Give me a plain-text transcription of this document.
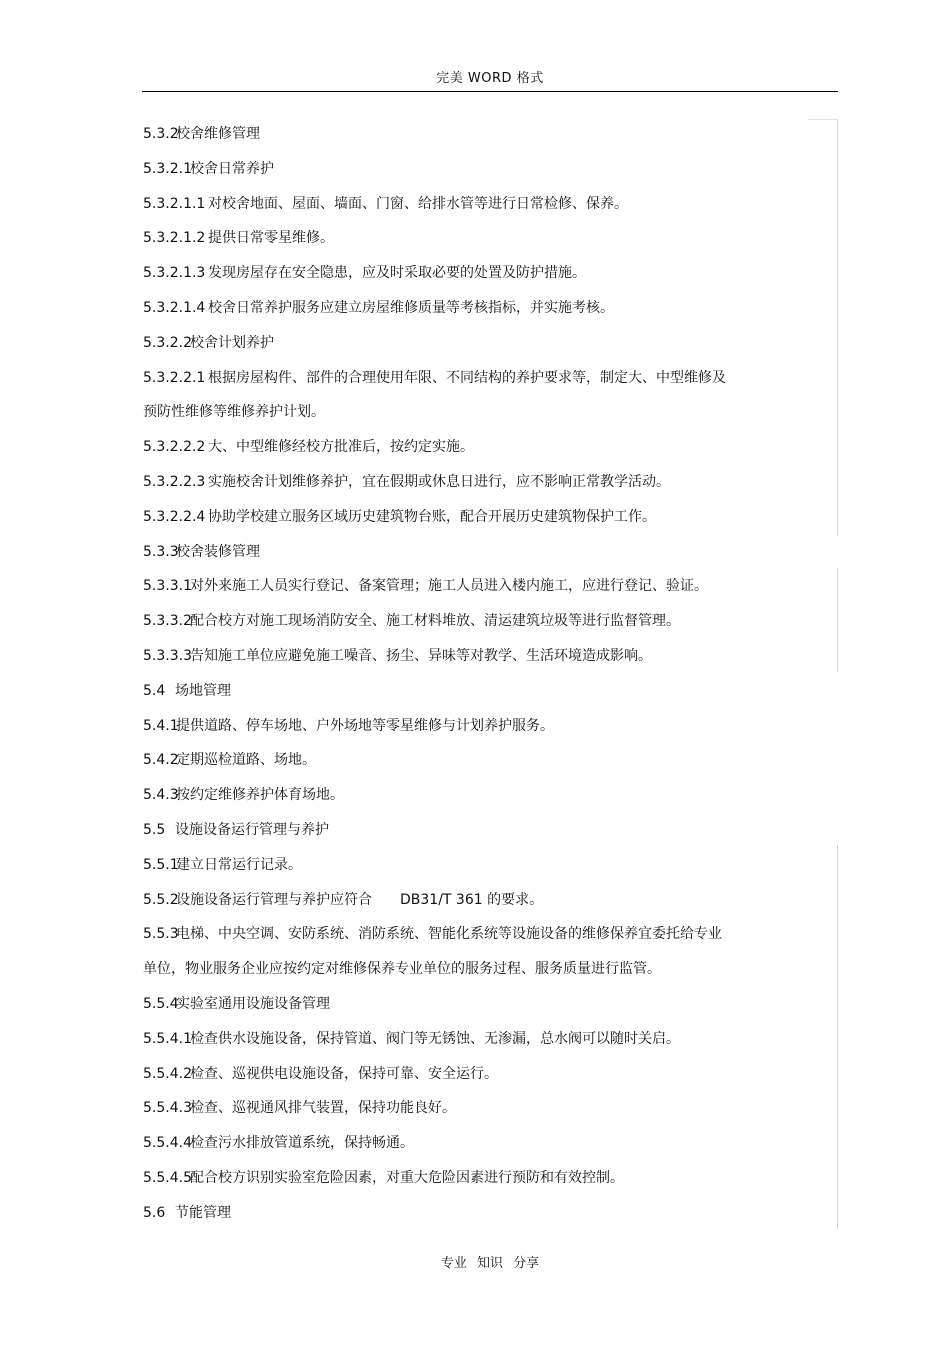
完美 WORD 格式
5.3.2校舍维修管理
5.3.2.1校舍日常养护
5.3.2.1.1 对校舍地面、屋面、墙面、门窗、给排水管等进行日常检修、保养。
5.3.2.1.2 提供日常零星维修。
5.3.2.1.3 发现房屋存在安全隐患，应及时采取必要的处置及防护措施。
5.3.2.1.4 校舍日常养护服务应建立房屋维修质量等考核指标，并实施考核。
5.3.2.2校舍计划养护
5.3.2.2.1 根据房屋构件、部件的合理使用年限、不同结构的养护要求等，制定大、中型维修及
预防性维修等维修养护计划。
5.3.2.2.2 大、中型维修经校方批准后，按约定实施。
5.3.2.2.3 实施校舍计划维修养护，宜在假期或休息日进行，应不影响正常教学活动。
5.3.2.2.4 协助学校建立服务区域历史建筑物台账，配合开展历史建筑物保护工作。
5.3.3校舍装修管理
5.3.3.1对外来施工人员实行登记、备案管理；施工人员进入楼内施工，应进行登记、验证。
5.3.3.2配合校方对施工现场消防安全、施工材料堆放、清运建筑垃圾等进行监督管理。
5.3.3.3告知施工单位应避免施工噪音、扬尘、异味等对教学、生活环境造成影响。
5.4 场地管理
5.4.1提供道路、停车场地、户外场地等零星维修与计划养护服务。
5.4.2定期巡检道路、场地。
5.4.3按约定维修养护体育场地。
5.5 设施设备运行管理与养护
5.5.1建立日常运行记录。
5.5.2设施设备运行管理与养护应符合　　DB31/T 361 的要求。
5.5.3电梯、中央空调、安防系统、消防系统、智能化系统等设施设备的维修保养宜委托给专业
单位，物业服务企业应按约定对维修保养专业单位的服务过程、服务质量进行监管。
5.5.4实验室通用设施设备管理
5.5.4.1检查供水设施设备，保持管道、阀门等无锈蚀、无渗漏，总水阀可以随时关启。
5.5.4.2检查、巡视供电设施设备，保持可靠、安全运行。
5.5.4.3检查、巡视通风排气装置，保持功能良好。
5.5.4.4检查污水排放管道系统，保持畅通。
5.5.4.5配合校方识别实验室危险因素，对重大危险因素进行预防和有效控制。
5.6 节能管理
专业 知识 分享
